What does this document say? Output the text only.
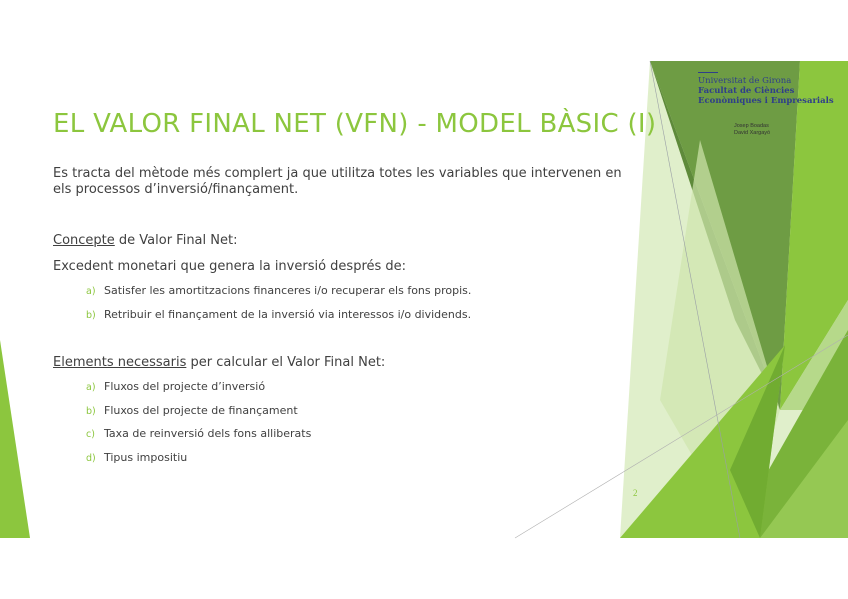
Universitat de Girona
Facultat de Ciències
Econòmiques i Empresarials
Josep Boadas
David Xargayó
EL VALOR FINAL NET (VFN) - MODEL BÀSIC (I)
Es tracta del mètode més complert ja que utilitza totes les variables que intervenen en els processos d’inversió/finançament.
Concepte de Valor Final Net:
Excedent monetari que genera la inversió després de:
a) Satisfer les amortitzacions financeres i/o recuperar els fons propis.
b) Retribuir el finançament de la inversió via interessos i/o dividends.
Elements necessaris per calcular el Valor Final Net:
a) Fluxos del projecte d’inversió
b) Fluxos del projecte de finançament
c) Taxa de reinversió dels fons alliberats
d) Tipus impositiu
2
